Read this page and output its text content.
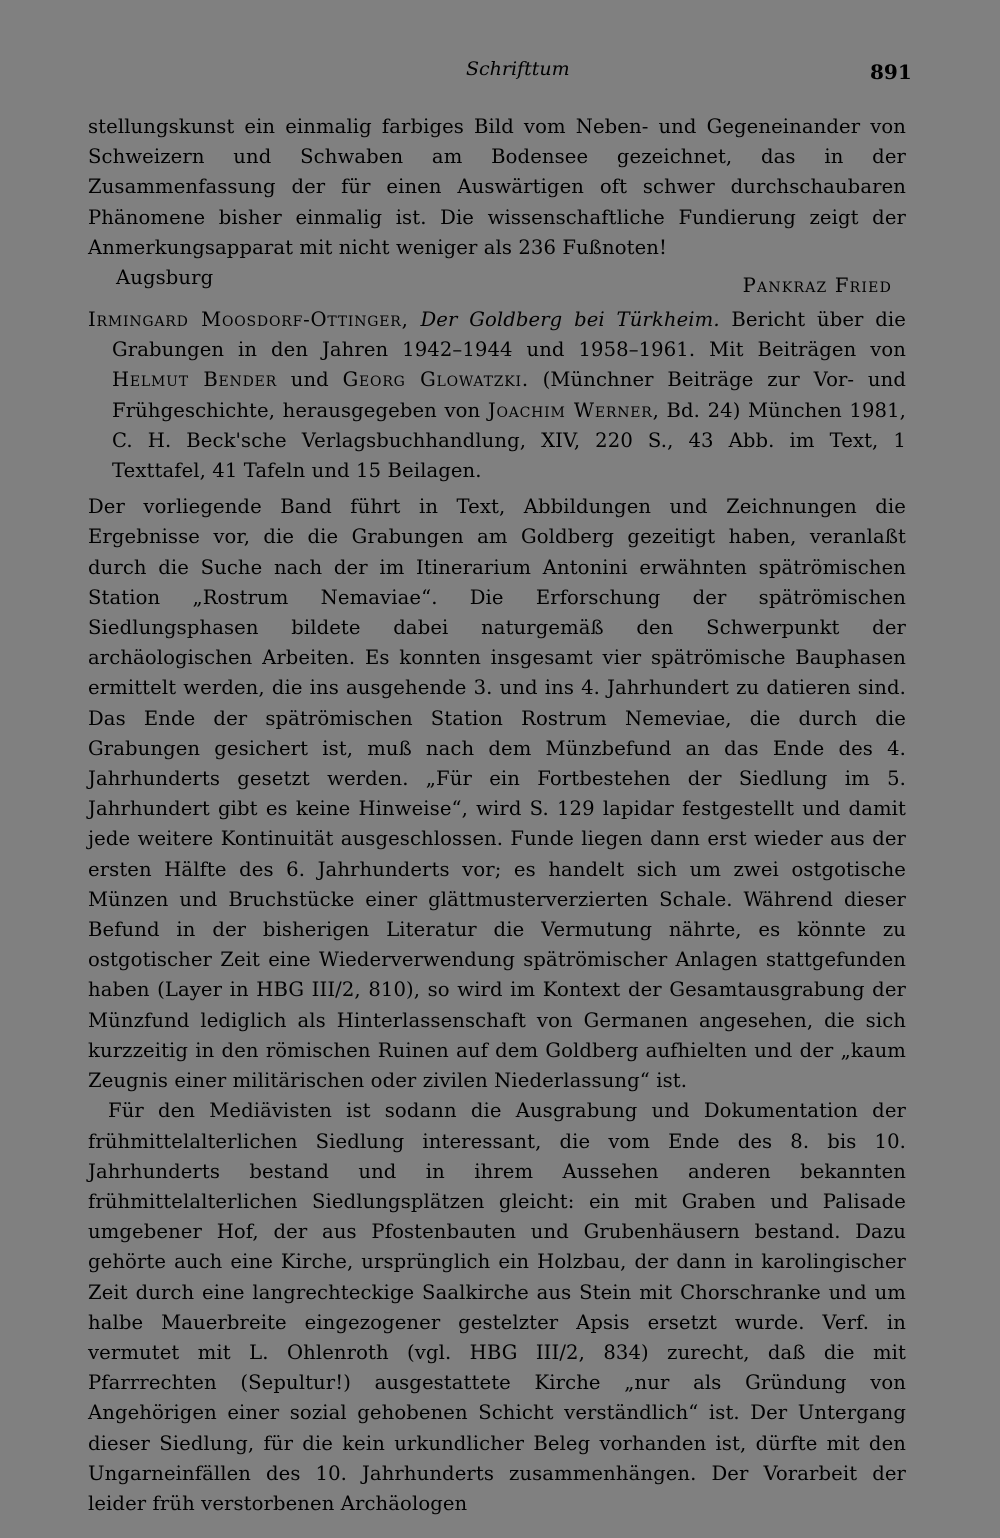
Schrifttum	891

stellungskunst ein einmalig farbiges Bild vom Neben- und Gegeneinander von Schweizern und Schwaben am Bodensee gezeichnet, das in der Zusammenfassung der für einen Auswärtigen oft schwer durchschaubaren Phänomene bisher einmalig ist. Die wissenschaftliche Fundierung zeigt der Anmerkungsapparat mit nicht weniger als 236 Fußnoten!

Augsburg	Pankraz Fried

Irmingard Moosdorf-Ottinger, Der Goldberg bei Türkheim. Bericht über die Grabungen in den Jahren 1942–1944 und 1958–1961. Mit Beiträgen von Helmut Bender und Georg Glowatzki. (Münchner Beiträge zur Vor- und Frühgeschichte, herausgegeben von Joachim Werner, Bd. 24) München 1981, C. H. Beck'sche Verlagsbuchhandlung, XIV, 220 S., 43 Abb. im Text, 1 Texttafel, 41 Tafeln und 15 Beilagen.

Der vorliegende Band führt in Text, Abbildungen und Zeichnungen die Ergebnisse vor, die die Grabungen am Goldberg gezeitigt haben, veranlaßt durch die Suche nach der im Itinerarium Antonini erwähnten spätrömischen Station „Rostrum Nemaviae“. Die Erforschung der spätrömischen Siedlungsphasen bildete dabei naturgemäß den Schwerpunkt der archäologischen Arbeiten. Es konnten insgesamt vier spätrömische Bauphasen ermittelt werden, die ins ausgehende 3. und ins 4. Jahrhundert zu datieren sind. Das Ende der spätrömischen Station Rostrum Nemeviae, die durch die Grabungen gesichert ist, muß nach dem Münzbefund an das Ende des 4. Jahrhunderts gesetzt werden. „Für ein Fortbestehen der Siedlung im 5. Jahrhundert gibt es keine Hinweise“, wird S. 129 lapidar festgestellt und damit jede weitere Kontinuität ausgeschlossen. Funde liegen dann erst wieder aus der ersten Hälfte des 6. Jahrhunderts vor; es handelt sich um zwei ostgotische Münzen und Bruchstücke einer glättmusterverzierten Schale. Während dieser Befund in der bisherigen Literatur die Vermutung nährte, es könnte zu ostgotischer Zeit eine Wiederverwendung spätrömischer Anlagen stattgefunden haben (Layer in HBG III/2, 810), so wird im Kontext der Gesamtausgrabung der Münzfund lediglich als Hinterlassenschaft von Germanen angesehen, die sich kurzzeitig in den römischen Ruinen auf dem Goldberg aufhielten und der „kaum Zeugnis einer militärischen oder zivilen Niederlassung“ ist.

Für den Mediävisten ist sodann die Ausgrabung und Dokumentation der frühmittelalterlichen Siedlung interessant, die vom Ende des 8. bis 10. Jahrhunderts bestand und in ihrem Aussehen anderen bekannten frühmittelalterlichen Siedlungsplätzen gleicht: ein mit Graben und Palisade umgebener Hof, der aus Pfostenbauten und Grubenhäusern bestand. Dazu gehörte auch eine Kirche, ursprünglich ein Holzbau, der dann in karolingischer Zeit durch eine langrechteckige Saalkirche aus Stein mit Chorschranke und um halbe Mauerbreite eingezogener gestelzter Apsis ersetzt wurde. Verf. in vermutet mit L. Ohlenroth (vgl. HBG III/2, 834) zurecht, daß die mit Pfarrrechten (Sepultur!) ausgestattete Kirche „nur als Gründung von Angehörigen einer sozial gehobenen Schicht verständlich“ ist. Der Untergang dieser Siedlung, für die kein urkundlicher Beleg vorhanden ist, dürfte mit den Ungarneinfällen des 10. Jahrhunderts zusammenhängen. Der Vorarbeit der leider früh verstorbenen Archäologen
